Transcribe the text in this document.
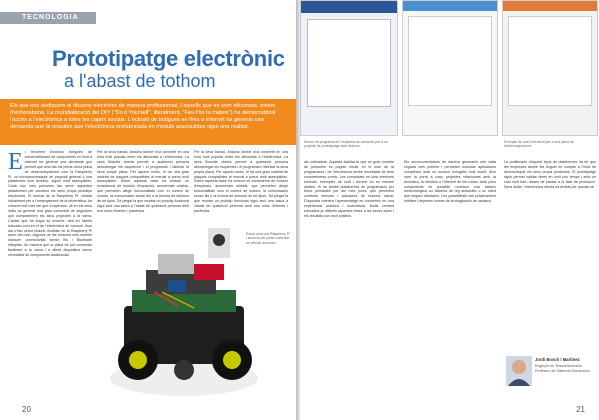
TECNOLOGIA
Prototipatge electrònic
a l'abast de tothom
Els que ens dediquem al disseny electrònic de manera professional, i aquells que en som aficionats, estem d'enhorabona. La mundialització del DIY ("Do it Yourself", literalment, "Fes-t'ho tu mateix") ha democratitzat l'accés a l'electrònica a totes les capes socials. L'eclosió de botigues en línia a Internet ha generat una demanda que fa possible que l'electrònica prefabricada en mòduls assequibles sigui una realitat.
El fenomen d'eclosió botigues de comercialització de components en línia a Internet ha generat una demanda que permet que avui dia els preus d'una placa de desenvolupament com la Raspberry Pi, un microprocessador de propòsit general o una plataforma com Arduino, siguin molt assequibles. Cada cop més persones fan servir aquestes plataformes per construir els seus propis prototips electrònics. El mercat de la Raspberry Pi, creada inicialment per a l'ensenyament de la informàtica, ha crescut molt més del que s'esperava. Ja en els seus inicis va generar una gran comunitat de seguidors que comparteixen els seus projectes a la xarxa. L'abast que ha tingut és enorme, tant en l'àmbit educatiu com en el de l'electrònica de consum. Avui dia s'han venut milions d'unitats de la Raspberry Pi arreu del món. Algunes de les versions més recents inclouen connectivitat sense fils i Bluetooth integrats, de manera que la placa es pot connectar fàcilment a la xarxa i a altres dispositius sense necessitat de components addicionals.
Per la seva banda, Arduino també s'ha convertit en una eina molt popular entre els aficionats a l'electrònica. La seva filosofia oberta permet a qualsevol persona descarregar els esquemes i el programari i fabricar la seva pròpia placa. Per aquest motiu, hi ha una gran varietat de plaques compatibles al mercat a preus molt assequibles. Sobre aquesta base ha crescut un ecosistema de mòduls d'expansió, anomenats shields, que permeten afegir funcionalitats com el control de motors, la comunicació sense fils o la lectura de sensors de tot tipus. Tot plegat fa que muntar un prototip funcional sigui avui una tasca a l'abast de qualsevol persona amb una mica d'interès i paciència.
Per la seva banda, Arduino també s'ha convertit en una eina molt popular entre els aficionats a l'electrònica. La seva filosofia oberta permet a qualsevol persona descarregar els esquemes i el programari i fabricar la seva pròpia placa. Per aquest motiu, hi ha una gran varietat de plaques compatibles al mercat a preus molt assequibles. Sobre aquesta base ha crescut un ecosistema de mòduls d'expansió, anomenats shields, que permeten afegir funcionalitats com el control de motors, la comunicació sense fils o la lectura de sensors de tot tipus. Tot plegat fa que muntar un prototip funcional sigui avui una tasca a l'abast de qualsevol persona amb una mica d'interès i paciència.
Robot amb una Raspberry Pi i sensors per poder controlar un vehicle autònom.
20
Entorn de programació i esquema de connexió per a un projecte de prototipatge amb Arduino.
Exemple de codi font escrit per a una placa de desenvolupament.
als ordinadors. Aquesta facilitat fa que un gran nombre de persones es puguin iniciar en el món de la programació i de l'electrònica sense necessitat de tenir coneixements previs. Les comunitats en línia ofereixen tutorials, exemples de codi i fòrums on es resolen dubtes. Hi ha també plataformes de programació per blocs pensades per als més joves, que permeten controlar sensors i actuadors de manera visual. D'aquesta manera l'aprenentatge es converteix en una experiència pràctica i motivadora. Molts centres educatius ja utilitzen aquestes eines a les seves aules i els resultats són molt positius.
Els microcontroladors de darrera generació són cada vegada més potents i permeten executar aplicacions complexes amb un consum energètic molt reduït. Això obre la porta a nous projectes relacionats amb la domòtica, la robòtica o l'Internet de les coses. Amb pocs components és possible construir una estació meteorològica, un sistema de reg automàtic o un robot que esquivi obstacles. Les possibilitats són pràcticament infinites i depenen només de la imaginació de cadascú.
La proliferació d'aquest tipus de plataformes ha fet que les empreses també les tinguin en compte a l'hora de desenvolupar els seus propis productes. El prototipatge ràpid permet validar idees en molt poc temps i amb un cost molt baix, abans de passar a la fase de producció. Sens dubte, l'electrònica oberta ha arribat per quedar-se.
Jordi Bosch i Martínez
Enginyer en Telecomunicació. Professor de Sistemes Electrònics.
21
